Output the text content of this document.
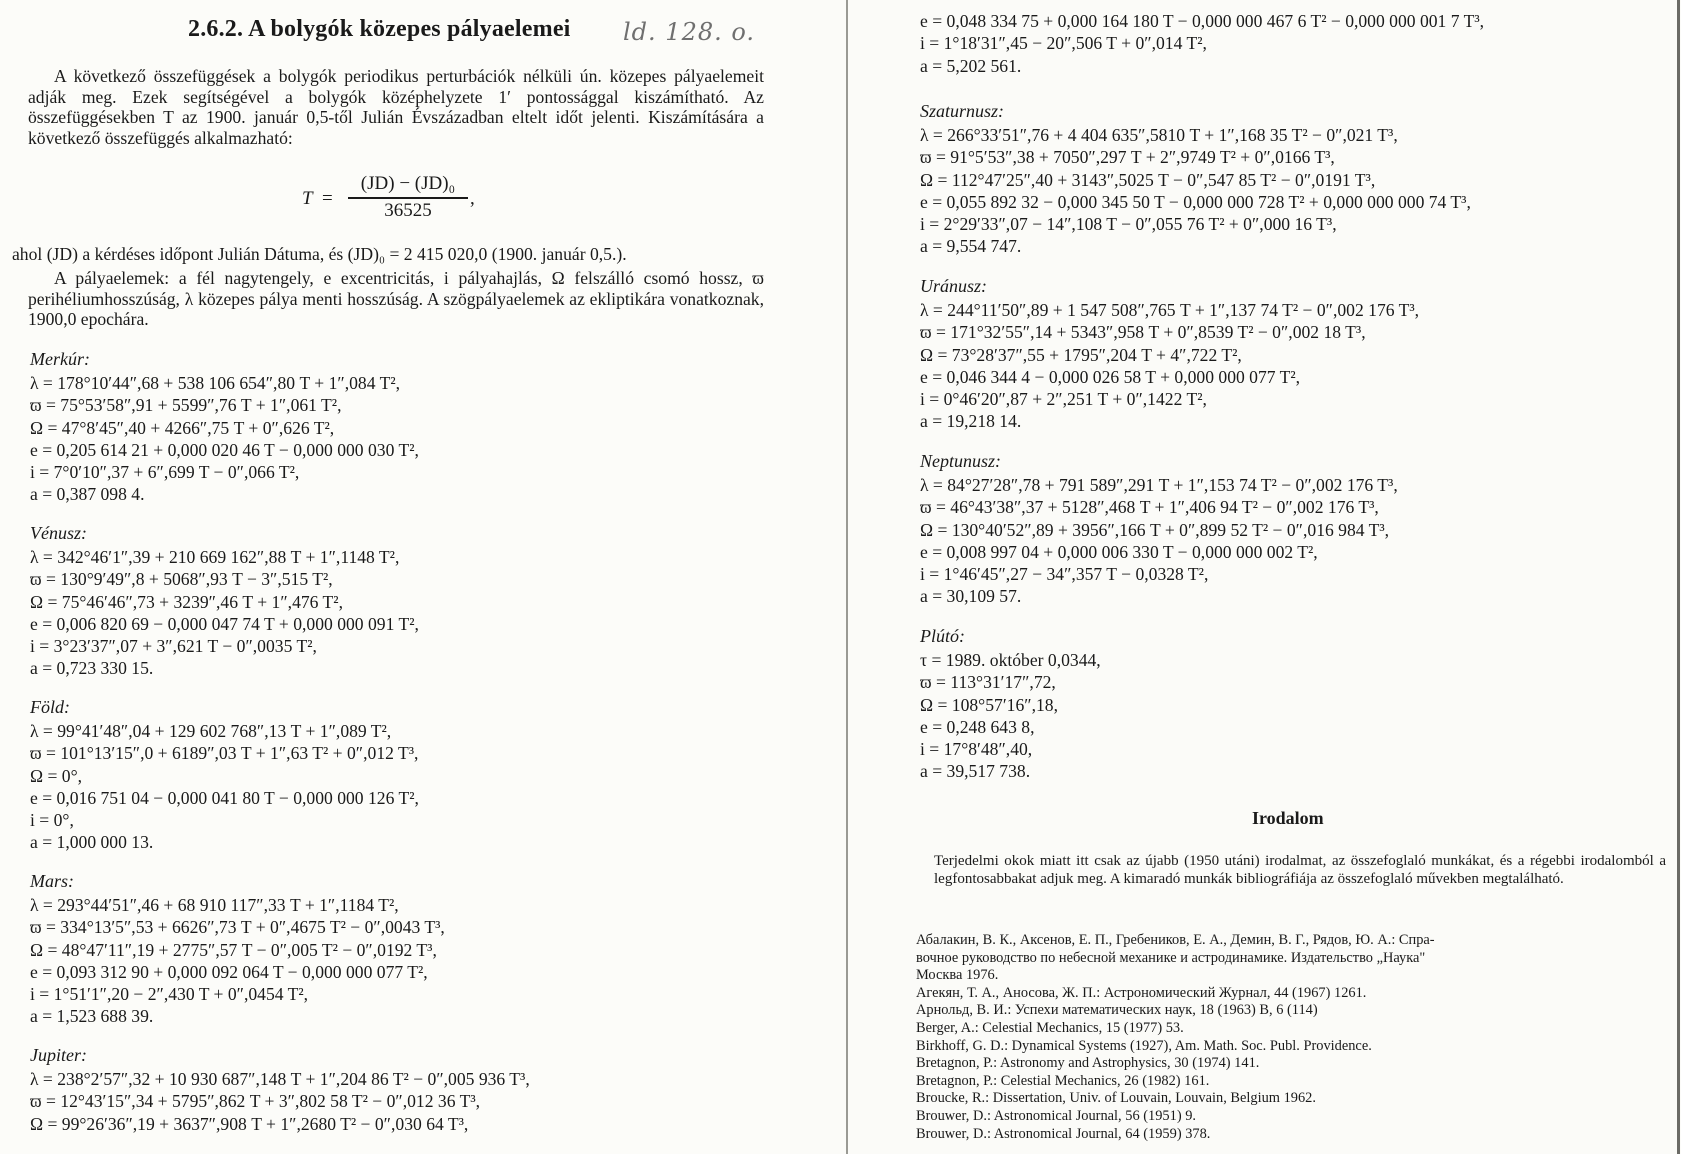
2.6.2. A bolygók közepes pályaelemei ld. 128. o.

A következő összefüggések a bolygók periodikus perturbációk nélküli ún. közepes pályaelemeit adják meg. Ezek segítségével a bolygók középhelyzete 1′ pontossággal kiszámítható. Az összefüggésekben T az 1900. január 0,5-től Julián Évszázadban eltelt időt jelenti. Kiszámítására a következő összefüggés alkalmazható:

T =
(JD) − (JD)₀
36525
,

ahol (JD) a kérdéses időpont Julián Dátuma, és (JD)₀ = 2 415 020,0 (1900. január 0,5.).

A pályaelemek: a fél nagytengely, e excentricitás, i pályahajlás, Ω felszálló csomó hossz, ϖ perihéliumhosszúság, λ közepes pálya menti hosszúság. A szögpályaelemek az ekliptikára vonatkoznak, 1900,0 epochára.

Merkúr:

λ = 178°10′44″,68 + 538 106 654″,80 T + 1″,084 T²,

ϖ = 75°53′58″,91 + 5599″,76 T + 1″,061 T²,

Ω = 47°8′45″,40 + 4266″,75 T + 0″,626 T²,

e = 0,205 614 21 + 0,000 020 46 T − 0,000 000 030 T²,

i = 7°0′10″,37 + 6″,699 T − 0″,066 T²,

a = 0,387 098 4.

Vénusz:

λ = 342°46′1″,39 + 210 669 162″,88 T + 1″,1148 T²,

ϖ = 130°9′49″,8 + 5068″,93 T − 3″,515 T²,

Ω = 75°46′46″,73 + 3239″,46 T + 1″,476 T²,

e = 0,006 820 69 − 0,000 047 74 T + 0,000 000 091 T²,

i = 3°23′37″,07 + 3″,621 T − 0″,0035 T²,

a = 0,723 330 15.

Föld:

λ = 99°41′48″,04 + 129 602 768″,13 T + 1″,089 T²,

ϖ = 101°13′15″,0 + 6189″,03 T + 1″,63 T² + 0″,012 T³,

Ω = 0°,

e = 0,016 751 04 − 0,000 041 80 T − 0,000 000 126 T²,

i = 0°,

a = 1,000 000 13.

Mars:

λ = 293°44′51″,46 + 68 910 117″,33 T + 1″,1184 T²,

ϖ = 334°13′5″,53 + 6626″,73 T + 0″,4675 T² − 0″,0043 T³,

Ω = 48°47′11″,19 + 2775″,57 T − 0″,005 T² − 0″,0192 T³,

e = 0,093 312 90 + 0,000 092 064 T − 0,000 000 077 T²,

i = 1°51′1″,20 − 2″,430 T + 0″,0454 T²,

a = 1,523 688 39.

Jupiter:

λ = 238°2′57″,32 + 10 930 687″,148 T + 1″,204 86 T² − 0″,005 936 T³,

ϖ = 12°43′15″,34 + 5795″,862 T + 3″,802 58 T² − 0″,012 36 T³,

Ω = 99°26′36″,19 + 3637″,908 T + 1″,2680 T² − 0″,030 64 T³,

e = 0,048 334 75 + 0,000 164 180 T − 0,000 000 467 6 T² − 0,000 000 001 7 T³,

i = 1°18′31″,45 − 20″,506 T + 0″,014 T²,

a = 5,202 561.

Szaturnusz:

λ = 266°33′51″,76 + 4 404 635″,5810 T + 1″,168 35 T² − 0″,021 T³,

ϖ = 91°5′53″,38 + 7050″,297 T + 2″,9749 T² + 0″,0166 T³,

Ω = 112°47′25″,40 + 3143″,5025 T − 0″,547 85 T² − 0″,0191 T³,

e = 0,055 892 32 − 0,000 345 50 T − 0,000 000 728 T² + 0,000 000 000 74 T³,

i = 2°29′33″,07 − 14″,108 T − 0″,055 76 T² + 0″,000 16 T³,

a = 9,554 747.

Uránusz:

λ = 244°11′50″,89 + 1 547 508″,765 T + 1″,137 74 T² − 0″,002 176 T³,

ϖ = 171°32′55″,14 + 5343″,958 T + 0″,8539 T² − 0″,002 18 T³,

Ω = 73°28′37″,55 + 1795″,204 T + 4″,722 T²,

e = 0,046 344 4 − 0,000 026 58 T + 0,000 000 077 T²,

i = 0°46′20″,87 + 2″,251 T + 0″,1422 T²,

a = 19,218 14.

Neptunusz:

λ = 84°27′28″,78 + 791 589″,291 T + 1″,153 74 T² − 0″,002 176 T³,

ϖ = 46°43′38″,37 + 5128″,468 T + 1″,406 94 T² − 0″,002 176 T³,

Ω = 130°40′52″,89 + 3956″,166 T + 0″,899 52 T² − 0″,016 984 T³,

e = 0,008 997 04 + 0,000 006 330 T − 0,000 000 002 T²,

i = 1°46′45″,27 − 34″,357 T − 0,0328 T²,

a = 30,109 57.

Plútó:

τ = 1989. október 0,0344,

ϖ = 113°31′17″,72,

Ω = 108°57′16″,18,

e = 0,248 643 8,

i = 17°8′48″,40,

a = 39,517 738.

Irodalom

Terjedelmi okok miatt itt csak az újabb (1950 utáni) irodalmat, az összefoglaló munkákat, és a régebbi irodalomból a legfontosabbakat adjuk meg. A kimaradó munkák bibliográfiája az összefoglaló művekben megtalálható.

Абалакин, В. К., Аксенов, Е. П., Гребеников, Е. А., Демин, В. Г., Рядов, Ю. А.: Спра-

вочное руководство по небесной механике и астродинамике. Издательство „Наука"

Москва 1976.

Агекян, Т. А., Аносова, Ж. П.: Астрономический Журнал, 44 (1967) 1261.

Арнольд, В. И.: Успехи математических наук, 18 (1963) B, 6 (114)

Berger, A.: Celestial Mechanics, 15 (1977) 53.

Birkhoff, G. D.: Dynamical Systems (1927), Am. Math. Soc. Publ. Providence.

Bretagnon, P.: Astronomy and Astrophysics, 30 (1974) 141.

Bretagnon, P.: Celestial Mechanics, 26 (1982) 161.

Broucke, R.: Dissertation, Univ. of Louvain, Louvain, Belgium 1962.

Brouwer, D.: Astronomical Journal, 56 (1951) 9.

Brouwer, D.: Astronomical Journal, 64 (1959) 378.
